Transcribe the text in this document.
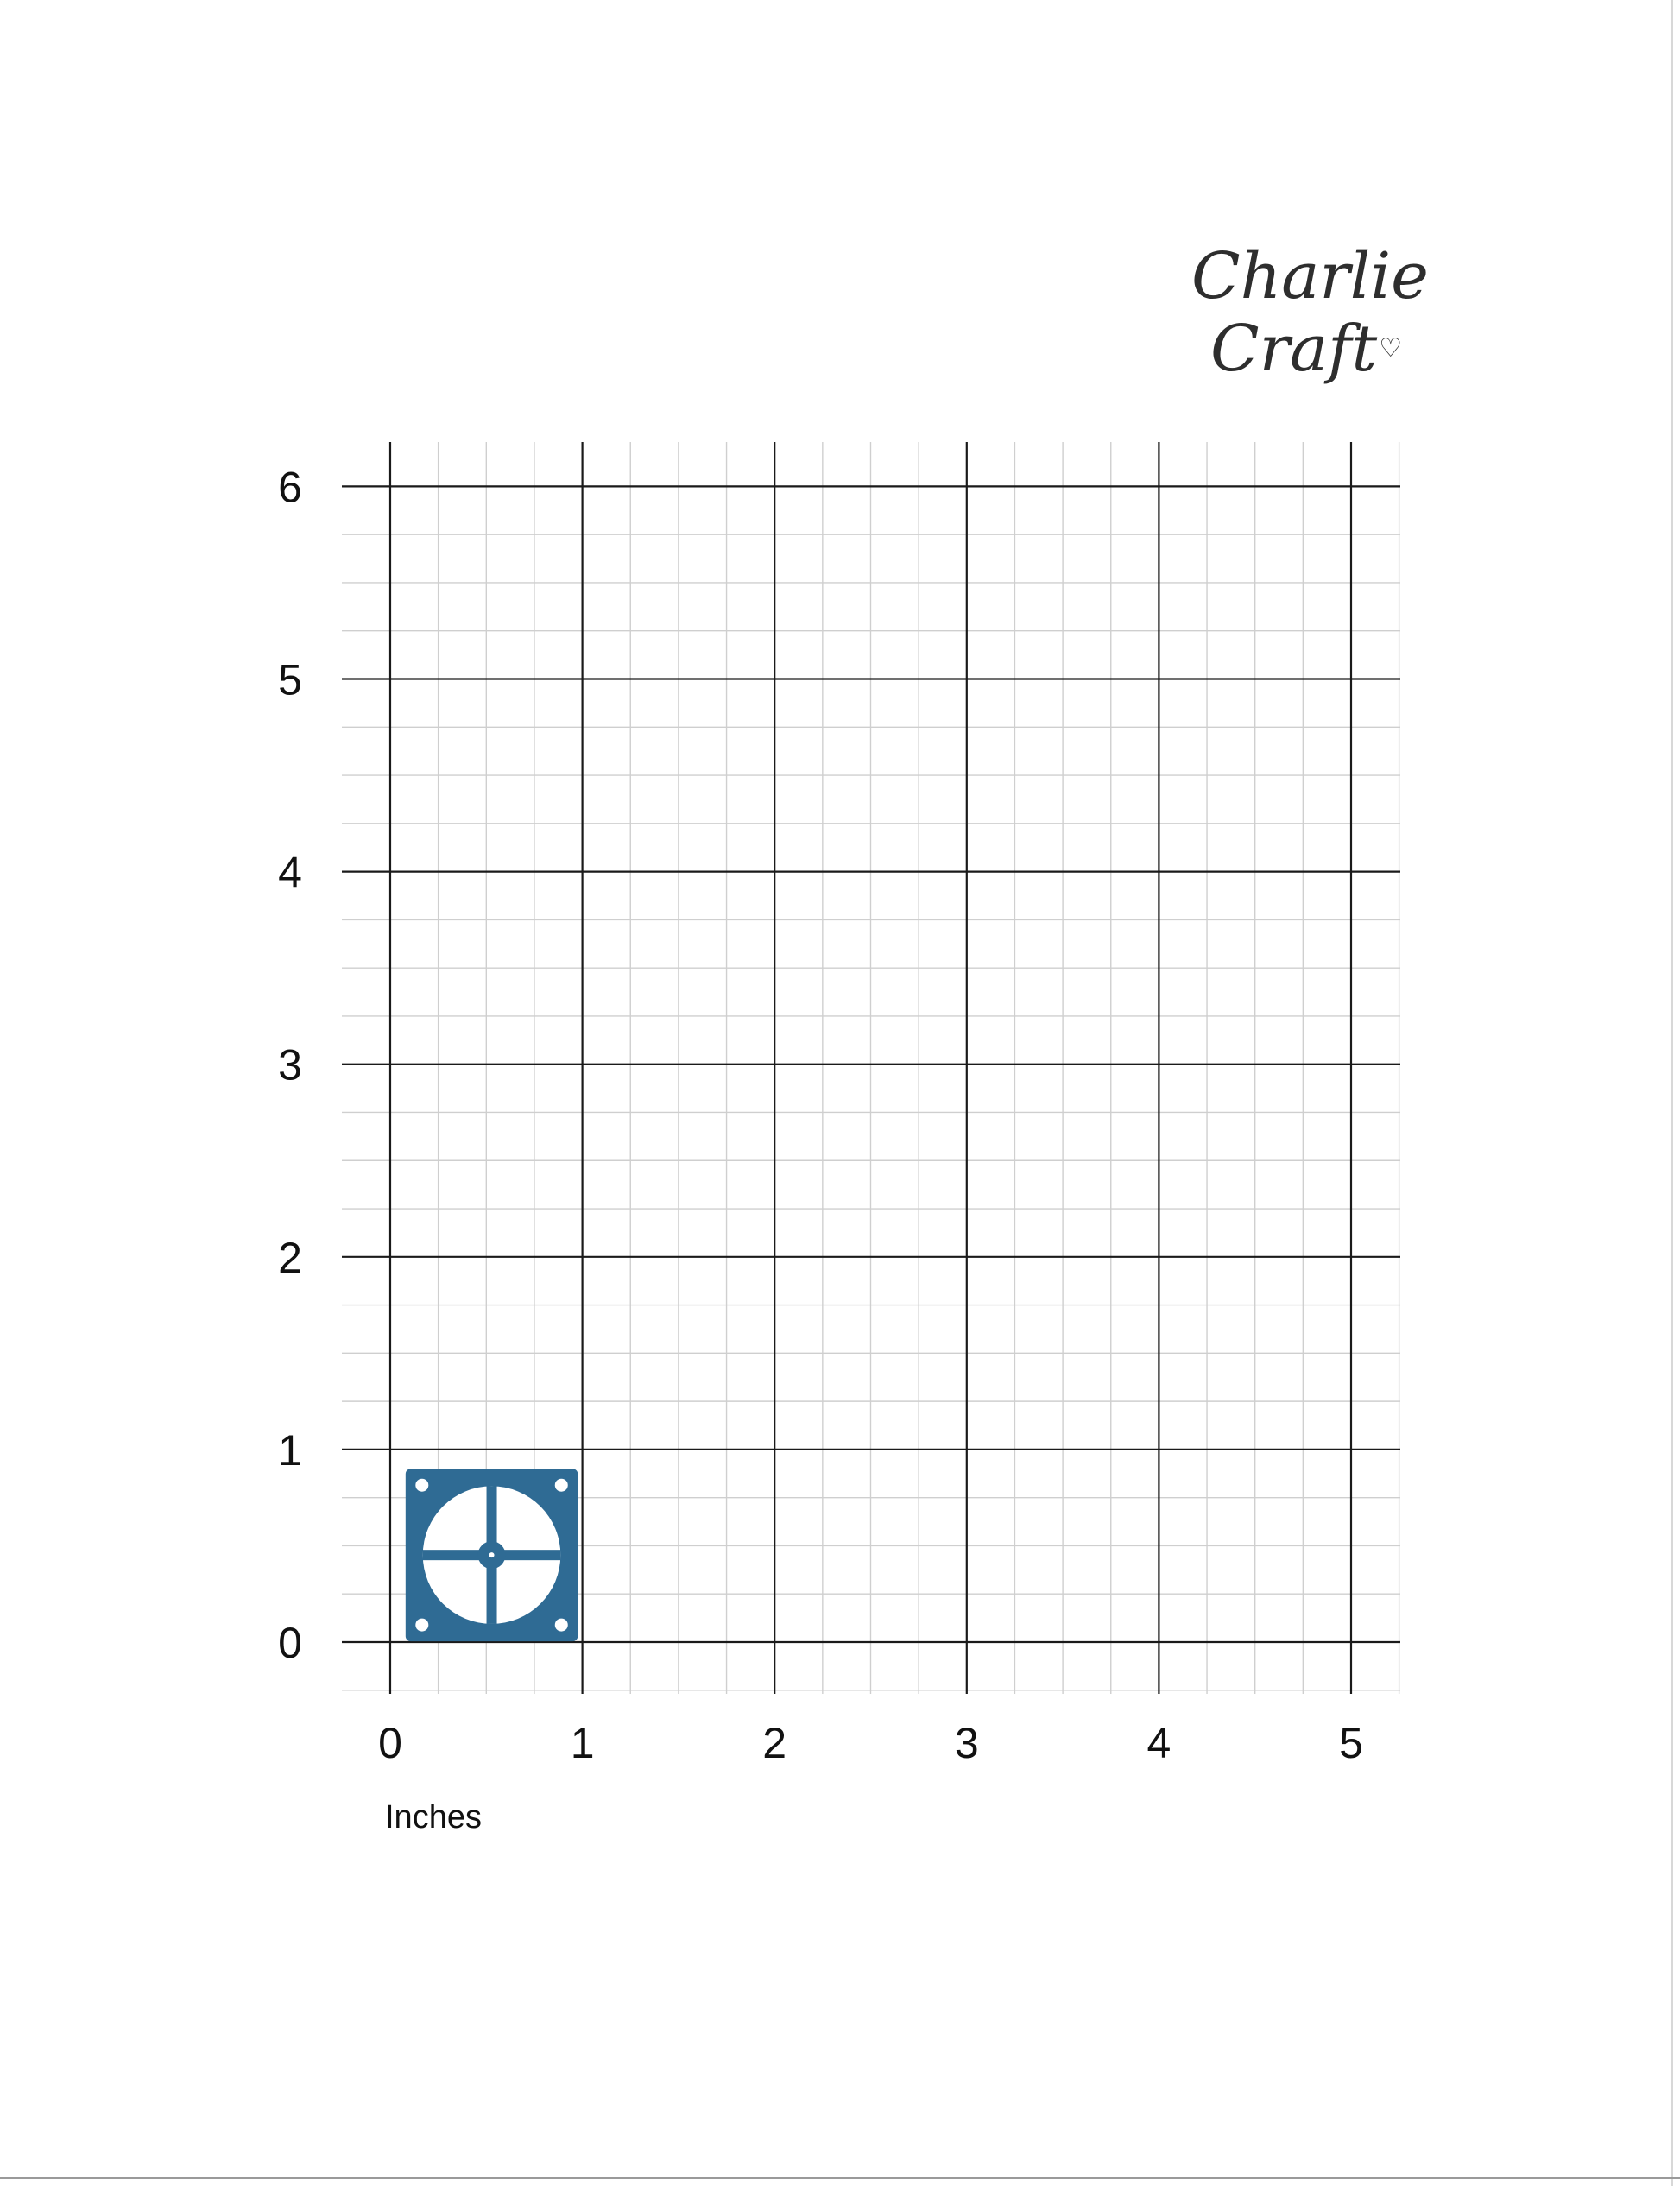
Charlie
Craft♡
0
1
2
3
4
5
6
0	1	2	3	4	5
Inches
